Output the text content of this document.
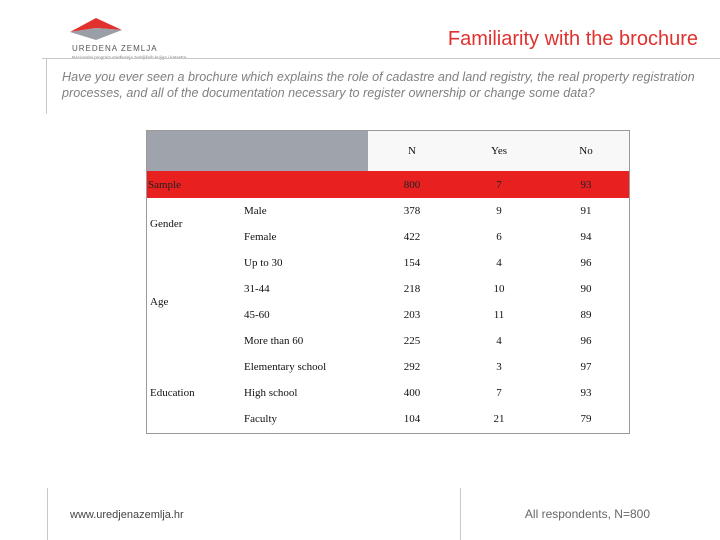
UREDENA ZEMLJA	Familiarity with the brochure
Have you ever seen a brochure which explains the role of cadastre and land registry, the real property registration processes, and all of the documentation necessary to register ownership or change some data?
		N	Yes	No
Sample		800	7	93
Gender	Male	378	9	91
	Female	422	6	94
Age	Up to 30	154	4	96
	31-44	218	10	90
	45-60	203	11	89
	More than 60	225	4	96
Education	Elementary school	292	3	97
	High school	400	7	93
	Faculty	104	21	79
www.uredjenazemlja.hr	All respondents, N=800
